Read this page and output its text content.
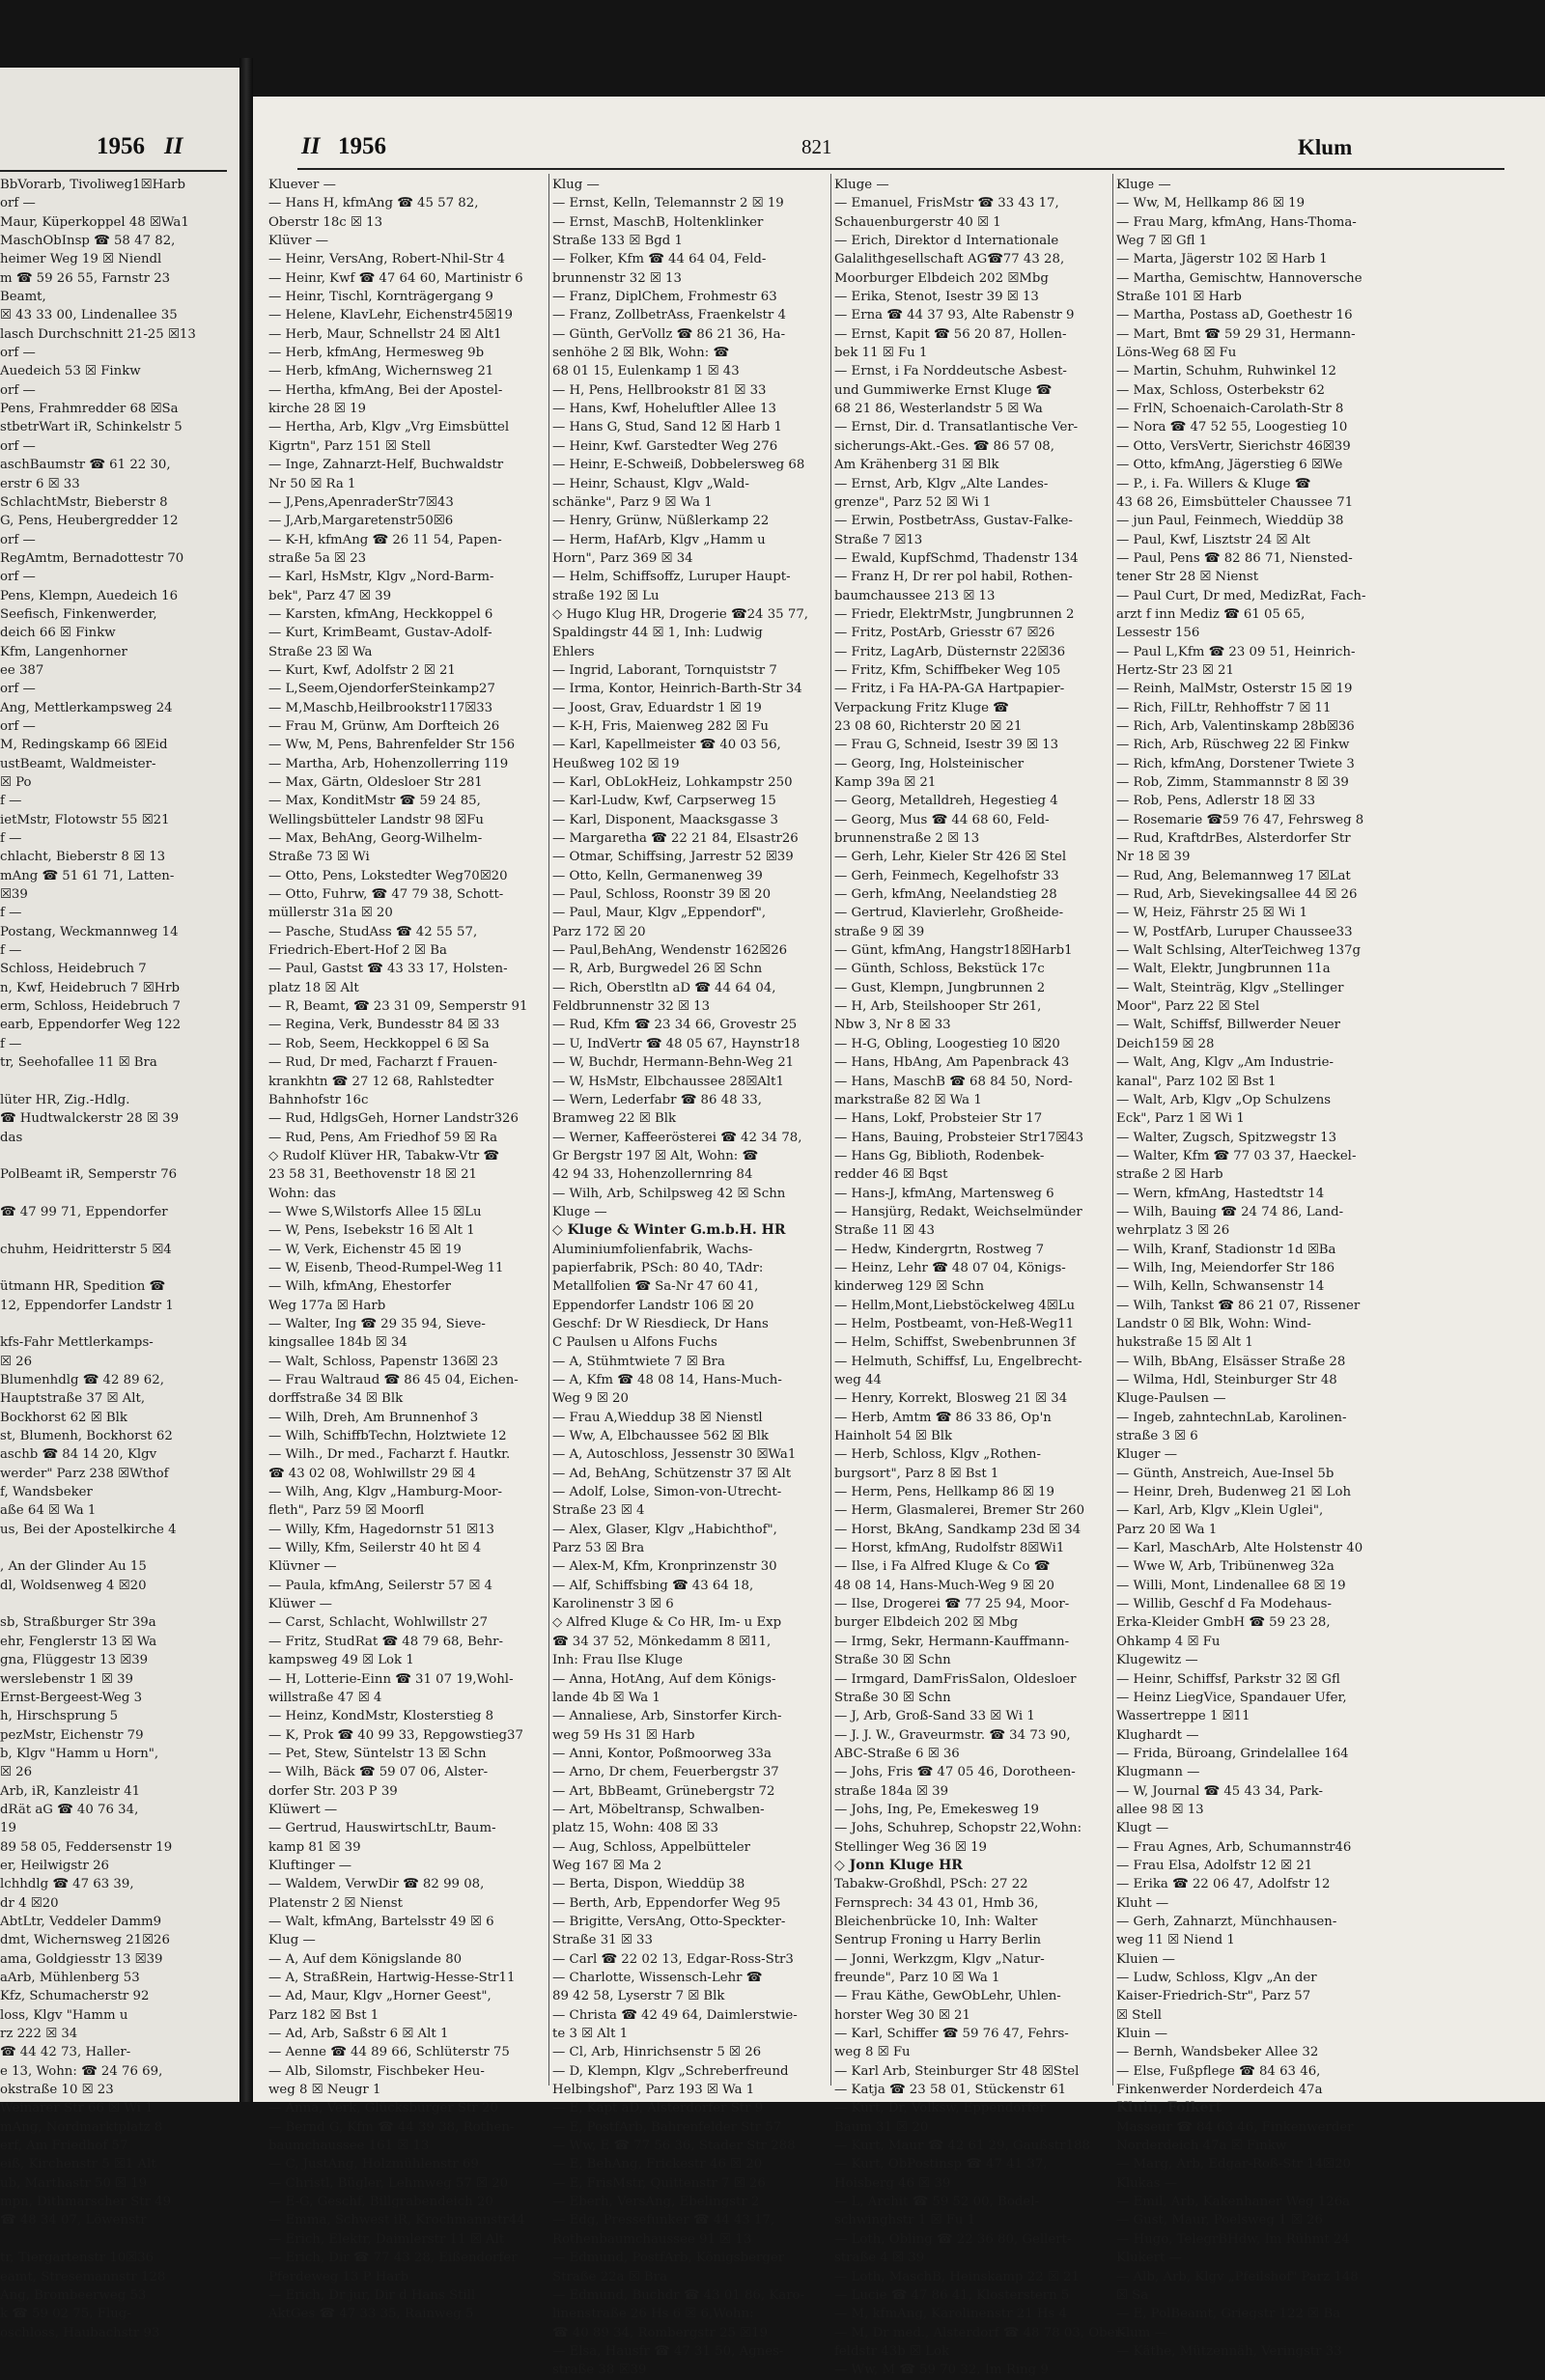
1956 II
BbVorarb, Tivoliweg1☒Harb
orf —
Maur, Küperkoppel 48 ☒Wa1
MaschObInsp ☎ 58 47 82,
heimer Weg 19 ☒ Niendl
m ☎ 59 26 55, Farnstr 23
Beamt,
☒ 43 33 00, Lindenallee 35
lasch Durchschnitt 21-25 ☒13
orf —
Auedeich 53 ☒ Finkw
orf —
Pens, Frahmredder 68 ☒Sa
stbetrWart iR, Schinkelstr 5
orf —
aschBaumstr ☎ 61 22 30,
erstr 6 ☒ 33
SchlachtMstr, Bieberstr 8
G, Pens, Heubergredder 12
orf —
RegAmtm, Bernadottestr 70
orf —
Pens, Klempn, Auedeich 16
Seefisch, Finkenwerder,
deich 66 ☒ Finkw
Kfm, Langenhorner
ee 387
orf —
Ang, Mettlerkampsweg 24
orf —
M, Redingskamp 66 ☒Eid
ustBeamt, Waldmeister-
☒ Po
f —
ietMstr, Flotowstr 55 ☒21
f —
chlacht, Bieberstr 8 ☒ 13
mAng ☎ 51 61 71, Latten-
☒39
f —
Postang, Weckmannweg 14
f —
Schloss, Heidebruch 7
n, Kwf, Heidebruch 7 ☒Hrb
erm, Schloss, Heidebruch 7
earb, Eppendorfer Weg 122
f —
tr, Seehofallee 11 ☒ Bra

lüter HR, Zig.-Hdlg.
☎ Hudtwalckerstr 28 ☒ 39
das

PolBeamt iR, Semperstr 76

☎ 47 99 71, Eppendorfer

chuhm, Heidritterstr 5 ☒4

ütmann HR, Spedition ☎
12, Eppendorfer Landstr 1

kfs-Fahr Mettlerkamps-
☒ 26
Blumenhdlg ☎ 42 89 62,
Hauptstraße 37 ☒ Alt,
Bockhorst 62 ☒ Blk
st, Blumenh, Bockhorst 62
aschb ☎ 84 14 20, Klgv
werder" Parz 238 ☒Wthof
f, Wandsbeker
aße 64 ☒ Wa 1
us, Bei der Apostelkirche 4

, An der Glinder Au 15
dl, Woldsenweg 4 ☒20

sb, Straßburger Str 39a
ehr, Fenglerstr 13 ☒ Wa
gna, Flüggestr 13 ☒39
werslebenstr 1 ☒ 39
Ernst-Bergeest-Weg 3
h, Hirschsprung 5
pezMstr, Eichenstr 79
b, Klgv "Hamm u Horn",
☒ 26
Arb, iR, Kanzleistr 41
dRät aG ☎ 40 76 34,
19
89 58 05, Feddersenstr 19
er, Heilwigstr 26
lchhdlg ☎ 47 63 39,
dr 4 ☒20
AbtLtr, Veddeler Damm9
dmt, Wichernsweg 21☒26
ama, Goldgiesstr 13 ☒39
aArb, Mühlenberg 53
Kfz, Schumacherstr 92
loss, Klgv "Hamm u
rz 222 ☒ 34
☎ 44 42 73, Haller-
e 13, Wohn: ☎ 24 76 69,
okstraße 10 ☒ 23
Weinarer Str 66 ☒ Wi 1
mAng, Nordmarktplatz 8
erf, Am Friedhof 57
eiß, Kirchenstr 5 ☒1 Alt
ub, Marthastr 50 ☒ 19
mpn, Dithmarscher Str 49
☎ 48 34 07, Löwenstr

tr, Tiergartenstr 10☒36
eamt, Stresemannstr 128
Ang, Brombeerweg 53
k ☎ 59 02 75, Flug-
oschloss, Haubachstr 93
II 1956	821	Klum
Kluever —
— Hans H, kfmAng ☎ 45 57 82,
Oberstr 18c ☒ 13
Klüver —
— Heinr, VersAng, Robert-Nhil-Str 4
— Heinr, Kwf ☎ 47 64 60, Martinistr 6
— Heinr, Tischl, Kornträgergang 9
— Helene, KlavLehr, Eichenstr45☒19
— Herb, Maur, Schnellstr 24 ☒ Alt1
— Herb, kfmAng, Hermesweg 9b
— Herb, kfmAng, Wichernsweg 21
— Hertha, kfmAng, Bei der Apostel-
kirche 28 ☒ 19
— Hertha, Arb, Klgv „Vrg Eimsbüttel
Kigrtn", Parz 151 ☒ Stell
— Inge, Zahnarzt-Helf, Buchwaldstr
Nr 50 ☒ Ra 1
— J,Pens,ApenraderStr7☒43
— J,Arb,Margaretenstr50☒6
— K-H, kfmAng ☎ 26 11 54, Papen-
straße 5a ☒ 23
— Karl, HsMstr, Klgv „Nord-Barm-
bek", Parz 47 ☒ 39
— Karsten, kfmAng, Heckkoppel 6
— Kurt, KrimBeamt, Gustav-Adolf-
Straße 23 ☒ Wa
— Kurt, Kwf, Adolfstr 2 ☒ 21
— L,Seem,OjendorferSteinkamp27
— M,Maschb,Heilbrookstr117☒33
— Frau M, Grünw, Am Dorfteich 26
— Ww, M, Pens, Bahrenfelder Str 156
— Martha, Arb, Hohenzollerring 119
— Max, Gärtn, Oldesloer Str 281
— Max, KonditMstr ☎ 59 24 85,
Wellingsbütteler Landstr 98 ☒Fu
— Max, BehAng, Georg-Wilhelm-
Straße 73 ☒ Wi
— Otto, Pens, Lokstedter Weg70☒20
— Otto, Fuhrw, ☎ 47 79 38, Schott-
müllerstr 31a ☒ 20
— Pasche, StudAss ☎ 42 55 57,
Friedrich-Ebert-Hof 2 ☒ Ba
— Paul, Gastst ☎ 43 33 17, Holsten-
platz 18 ☒ Alt
— R, Beamt, ☎ 23 31 09, Semperstr 91
— Regina, Verk, Bundesstr 84 ☒ 33
— Rob, Seem, Heckkoppel 6 ☒ Sa
— Rud, Dr med, Facharzt f Frauen-
krankhtn ☎ 27 12 68, Rahlstedter
Bahnhofstr 16c
— Rud, HdlgsGeh, Horner Landstr326
— Rud, Pens, Am Friedhof 59 ☒ Ra
◇ Rudolf Klüver HR, Tabakw-Vtr ☎
23 58 31, Beethovenstr 18 ☒ 21
Wohn: das
— Wwe S,Wilstorfs Allee 15 ☒Lu
— W, Pens, Isebekstr 16 ☒ Alt 1
— W, Verk, Eichenstr 45 ☒ 19
— W, Eisenb, Theod-Rumpel-Weg 11
— Wilh, kfmAng, Ehestorfer
Weg 177a ☒ Harb
— Walter, Ing ☎ 29 35 94, Sieve-
kingsallee 184b ☒ 34
— Walt, Schloss, Papenstr 136☒ 23
— Frau Waltraud ☎ 86 45 04, Eichen-
dorffstraße 34 ☒ Blk
— Wilh, Dreh, Am Brunnenhof 3
— Wilh, SchiffbTechn, Holztwiete 12
— Wilh., Dr med., Facharzt f. Hautkr.
☎ 43 02 08, Wohlwillstr 29 ☒ 4
— Wilh, Ang, Klgv „Hamburg-Moor-
fleth", Parz 59 ☒ Moorfl
— Willy, Kfm, Hagedornstr 51 ☒13
— Willy, Kfm, Seilerstr 40 ht ☒ 4
Klüvner —
— Paula, kfmAng, Seilerstr 57 ☒ 4
Klüwer —
— Carst, Schlacht, Wohlwillstr 27
— Fritz, StudRat ☎ 48 79 68, Behr-
kampsweg 49 ☒ Lok 1
— H, Lotterie-Einn ☎ 31 07 19,Wohl-
willstraße 47 ☒ 4
— Heinz, KondMstr, Klosterstieg 8
— K, Prok ☎ 40 99 33, Repgowstieg37
— Pet, Stew, Süntelstr 13 ☒ Schn
— Wilh, Bäck ☎ 59 07 06, Alster-
dorfer Str. 203 P 39
Klüwert —
— Gertrud, HauswirtschLtr, Baum-
kamp 81 ☒ 39
Kluftinger —
— Waldem, VerwDir ☎ 82 99 08,
Platenstr 2 ☒ Nienst
— Walt, kfmAng, Bartelsstr 49 ☒ 6
Klug —
— A, Auf dem Königslande 80
— A, StraßRein, Hartwig-Hesse-Str11
— Ad, Maur, Klgv „Horner Geest",
Parz 182 ☒ Bst 1
— Ad, Arb, Saßstr 6 ☒ Alt 1
— Aenne ☎ 44 89 66, Schlüterstr 75
— Alb, Silomstr, Fischbeker Heu-
weg 8 ☒ Neugr 1
— Anna, Verk, Glücksburger Str 20
— Bernd G, Kfm ☎ 44 39 38, Rothen-
baumchaussee 161 ☒ 13
— C, JustAng, Holzmühlenstr 69
— Christl, Bügler, Lehmweg 57 ☒ 20
— E-G, Geschf, Billgrabendeich 20
— Emma, Schwest iR, Krochmannstr44
— Erich, Elektr, Daimlerstr 11 ☒ Alt
— Erich, Dir ☎ 77 43 28, Eißendorfer
Pferdeweg 13 P Harb
— Erich, Dr jur, Dir d Hans Still
AktGes ☎ 47 33 35, Rainweg 5
Klug —
— Ernst, Kelln, Telemannstr 2 ☒ 19
— Ernst, MaschB, Holtenklinker
Straße 133 ☒ Bgd 1
— Folker, Kfm ☎ 44 64 04, Feld-
brunnenstr 32 ☒ 13
— Franz, DiplChem, Frohmestr 63
— Franz, ZollbetrAss, Fraenkelstr 4
— Günth, GerVollz ☎ 86 21 36, Ha-
senhöhe 2 ☒ Blk, Wohn: ☎
68 01 15, Eulenkamp 1 ☒ 43
— H, Pens, Hellbrookstr 81 ☒ 33
— Hans, Kwf, Hoheluftler Allee 13
— Hans G, Stud, Sand 12 ☒ Harb 1
— Heinr, Kwf. Garstedter Weg 276
— Heinr, E-Schweiß, Dobbelersweg 68
— Heinr, Schaust, Klgv „Wald-
schänke", Parz 9 ☒ Wa 1
— Henry, Grünw, Nüßlerkamp 22
— Herm, HafArb, Klgv „Hamm u
Horn", Parz 369 ☒ 34
— Helm, Schiffsoffz, Luruper Haupt-
straße 192 ☒ Lu
◇ Hugo Klug HR, Drogerie ☎24 35 77,
Spaldingstr 44 ☒ 1, Inh: Ludwig
Ehlers
— Ingrid, Laborant, Tornquiststr 7
— Irma, Kontor, Heinrich-Barth-Str 34
— Joost, Grav, Eduardstr 1 ☒ 19
— K-H, Fris, Maienweg 282 ☒ Fu
— Karl, Kapellmeister ☎ 40 03 56,
Heußweg 102 ☒ 19
— Karl, ObLokHeiz, Lohkampstr 250
— Karl-Ludw, Kwf, Carpserweg 15
— Karl, Disponent, Maacksgasse 3
— Margaretha ☎ 22 21 84, Elsastr26
— Otmar, Schiffsing, Jarrestr 52 ☒39
— Otto, Kelln, Germanenweg 39
— Paul, Schloss, Roonstr 39 ☒ 20
— Paul, Maur, Klgv „Eppendorf",
Parz 172 ☒ 20
— Paul,BehAng, Wendenstr 162☒26
— R, Arb, Burgwedel 26 ☒ Schn
— Rich, Oberstltn aD ☎ 44 64 04,
Feldbrunnenstr 32 ☒ 13
— Rud, Kfm ☎ 23 34 66, Grovestr 25
— U, IndVertr ☎ 48 05 67, Haynstr18
— W, Buchdr, Hermann-Behn-Weg 21
— W, HsMstr, Elbchaussee 28☒Alt1
— Wern, Lederfabr ☎ 86 48 33,
Bramweg 22 ☒ Blk
— Werner, Kaffeerösterei ☎ 42 34 78,
Gr Bergstr 197 ☒ Alt, Wohn: ☎
42 94 33, Hohenzollernring 84
— Wilh, Arb, Schilpsweg 42 ☒ Schn
Kluge —
◇ Kluge & Winter G.m.b.H. HR
Aluminiumfolienfabrik, Wachs-
papierfabrik, PSch: 80 40, TAdr:
Metallfolien ☎ Sa-Nr 47 60 41,
Eppendorfer Landstr 106 ☒ 20
Geschf: Dr W Riesdieck, Dr Hans
C Paulsen u Alfons Fuchs
— A, Stühmtwiete 7 ☒ Bra
— A, Kfm ☎ 48 08 14, Hans-Much-
Weg 9 ☒ 20
— Frau A,Wieddup 38 ☒ Nienstl
— Ww, A, Elbchaussee 562 ☒ Blk
— A, Autoschloss, Jessenstr 30 ☒Wa1
— Ad, BehAng, Schützenstr 37 ☒ Alt
— Adolf, Lolse, Simon-von-Utrecht-
Straße 23 ☒ 4
— Alex, Glaser, Klgv „Habichthof",
Parz 53 ☒ Bra
— Alex-M, Kfm, Kronprinzenstr 30
— Alf, Schiffsbing ☎ 43 64 18,
Karolinenstr 3 ☒ 6
◇ Alfred Kluge & Co HR, Im- u Exp
☎ 34 37 52, Mönkedamm 8 ☒11,
Inh: Frau Ilse Kluge
— Anna, HotAng, Auf dem Königs-
lande 4b ☒ Wa 1
— Annaliese, Arb, Sinstorfer Kirch-
weg 59 Hs 31 ☒ Harb
— Anni, Kontor, Poßmoorweg 33a
— Arno, Dr chem, Feuerbergstr 37
— Art, BbBeamt, Grünebergstr 72
— Art, Möbeltransp, Schwalben-
platz 15, Wohn: 408 ☒ 33
— Aug, Schloss, Appelbütteler
Weg 167 ☒ Ma 2
— Berta, Dispon, Wieddüp 38
— Berth, Arb, Eppendorfer Weg 95
— Brigitte, VersAng, Otto-Speckter-
Straße 31 ☒ 33
— Carl ☎ 22 02 13, Edgar-Ross-Str3
— Charlotte, Wissensch-Lehr ☎
89 42 58, Lyserstr 7 ☒ Blk
— Christa ☎ 42 49 64, Daimlerstwie-
te 3 ☒ Alt 1
— Cl, Arb, Hinrichsenstr 5 ☒ 26
— D, Klempn, Klgv „Schreberfreund
Helbingshof", Parz 193 ☒ Wa 1
— E, Kapt aD, Alsterdorfer Str 9
— E, PostfArb, Bahrenfelder Str 57
— Ww, E ☎ 77 56 36, Stader Str 288
— E, BehAng, Frickestr 46 ☒ 20
— E, FrisMstr, Quittenstr 7 ☒ 26
— Eberh, VersAng, Ebelingstr 2
— Edg, Pressefunker ☎ 44 43 17,
Rothenbaumchaussee 91 ☒ 13
— Edmund, PostfArb, Königsberger
Straße 22a ☒ Bra
— Edmund, Buchdr ☎ 43 01 86, Karo-
linenstraße 26 Hs 6 ☒ 6,Wohn:
☎ 40 89 34, Rombergstr 25 ☒19
— Elsa, Hausfr ☎ 47 31 50, Agnes-
straße 38 ☒39
Kluge —
— Emanuel, FrisMstr ☎ 33 43 17,
Schauenburgerstr 40 ☒ 1
— Erich, Direktor d Internationale
Galalithgesellschaft AG☎77 43 28,
Moorburger Elbdeich 202 ☒Mbg
— Erika, Stenot, Isestr 39 ☒ 13
— Erna ☎ 44 37 93, Alte Rabenstr 9
— Ernst, Kapit ☎ 56 20 87, Hollen-
bek 11 ☒ Fu 1
— Ernst, i Fa Norddeutsche Asbest-
und Gummiwerke Ernst Kluge ☎
68 21 86, Westerlandstr 5 ☒ Wa
— Ernst, Dir. d. Transatlantische Ver-
sicherungs-Akt.-Ges. ☎ 86 57 08,
Am Krähenberg 31 ☒ Blk
— Ernst, Arb, Klgv „Alte Landes-
grenze", Parz 52 ☒ Wi 1
— Erwin, PostbetrAss, Gustav-Falke-
Straße 7 ☒13
— Ewald, KupfSchmd, Thadenstr 134
— Franz H, Dr rer pol habil, Rothen-
baumchaussee 213 ☒ 13
— Friedr, ElektrMstr, Jungbrunnen 2
— Fritz, PostArb, Griesstr 67 ☒26
— Fritz, LagArb, Düsternstr 22☒36
— Fritz, Kfm, Schiffbeker Weg 105
— Fritz, i Fa HA-PA-GA Hartpapier-
Verpackung Fritz Kluge ☎
23 08 60, Richterstr 20 ☒ 21
— Frau G, Schneid, Isestr 39 ☒ 13
— Georg, Ing, Holsteinischer
Kamp 39a ☒ 21
— Georg, Metalldreh, Hegestieg 4
— Georg, Mus ☎ 44 68 60, Feld-
brunnenstraße 2 ☒ 13
— Gerh, Lehr, Kieler Str 426 ☒ Stel
— Gerh, Feinmech, Kegelhofstr 33
— Gerh, kfmAng, Neelandstieg 28
— Gertrud, Klavierlehr, Großheide-
straße 9 ☒ 39
— Günt, kfmAng, Hangstr18☒Harb1
— Günth, Schloss, Bekstück 17c
— Gust, Klempn, Jungbrunnen 2
— H, Arb, Steilshooper Str 261,
Nbw 3, Nr 8 ☒ 33
— H-G, Obling, Loogestieg 10 ☒20
— Hans, HbAng, Am Papenbrack 43
— Hans, MaschB ☎ 68 84 50, Nord-
markstraße 82 ☒ Wa 1
— Hans, Lokf, Probsteier Str 17
— Hans, Bauing, Probsteier Str17☒43
— Hans Gg, Biblioth, Rodenbek-
redder 46 ☒ Bqst
— Hans-J, kfmAng, Martensweg 6
— Hansjürg, Redakt, Weichselmünder
Straße 11 ☒ 43
— Hedw, Kindergrtn, Rostweg 7
— Heinz, Lehr ☎ 48 07 04, Königs-
kinderweg 129 ☒ Schn
— Hellm,Mont,Liebstöckelweg 4☒Lu
— Helm, Postbeamt, von-Heß-Weg11
— Helm, Schiffst, Swebenbrunnen 3f
— Helmuth, Schiffsf, Lu, Engelbrecht-
weg 44
— Henry, Korrekt, Blosweg 21 ☒ 34
— Herb, Amtm ☎ 86 33 86, Op'n
Hainholt 54 ☒ Blk
— Herb, Schloss, Klgv „Rothen-
burgsort", Parz 8 ☒ Bst 1
— Herm, Pens, Hellkamp 86 ☒ 19
— Herm, Glasmalerei, Bremer Str 260
— Horst, BkAng, Sandkamp 23d ☒ 34
— Horst, kfmAng, Rudolfstr 8☒Wi1
— Ilse, i Fa Alfred Kluge & Co ☎
48 08 14, Hans-Much-Weg 9 ☒ 20
— Ilse, Drogerei ☎ 77 25 94, Moor-
burger Elbdeich 202 ☒ Mbg
— Irmg, Sekr, Hermann-Kauffmann-
Straße 30 ☒ Schn
— Irmgard, DamFrisSalon, Oldesloer
Straße 30 ☒ Schn
— J, Arb, Groß-Sand 33 ☒ Wi 1
— J. J. W., Graveurmstr. ☎ 34 73 90,
ABC-Straße 6 ☒ 36
— Johs, Fris ☎ 47 05 46, Dorotheen-
straße 184a ☒ 39
— Johs, Ing, Pe, Emekesweg 19
— Johs, Schuhrep, Schopstr 22,Wohn:
Stellinger Weg 36 ☒ 19
◇ Jonn Kluge HR
Tabakw-Großhdl, PSch: 27 22
Fernsprech: 34 43 01, Hmb 36,
Bleichenbrücke 10, Inh: Walter
Sentrup Froning u Harry Berlin
— Jonni, Werkzgm, Klgv „Natur-
freunde", Parz 10 ☒ Wa 1
— Frau Käthe, GewObLehr, Uhlen-
horster Weg 30 ☒ 21
— Karl, Schiffer ☎ 59 76 47, Fehrs-
weg 8 ☒ Fu
— Karl Arb, Steinburger Str 48 ☒Stel
— Katja ☎ 23 58 01, Stückenstr 61
— Kurt, Dr, Volksw, Eppendorfer
Baum 31 ☒ 20
— Kurt, Maur ☎ 42 61 29, Gaußstr188
— Kurt, ObPostinsp ☎ 47 41 37,
Hoisberg 46 ☒ 39
— L, Archit ☎ 59 52 00, Bodel-
schwinghstr 1 ☒ Fu 1
— Loth, Obling ☎ 22 36 80, Gellert-
straße 4 ☒ 39
— Loth, MaschB, Heinskamp 22 ☒ 21
— Lucie ☎ 47 86 41, Klosterstern 5
— M, kfmAng, Karolinenstr 21 Hs 4
— M, Dr med., Alsterdorf ☎ 48 78 03, Ober-
feldstr 43b ☒ Lok
— Ww, M ☎ 59 70 32, Im Ring 9
Kluge —
— Ww, M, Hellkamp 86 ☒ 19
— Frau Marg, kfmAng, Hans-Thoma-
Weg 7 ☒ Gfl 1
— Marta, Jägerstr 102 ☒ Harb 1
— Martha, Gemischtw, Hannoversche
Straße 101 ☒ Harb
— Martha, Postass aD, Goethestr 16
— Mart, Bmt ☎ 59 29 31, Hermann-
Löns-Weg 68 ☒ Fu
— Martin, Schuhm, Ruhwinkel 12
— Max, Schloss, Osterbekstr 62
— FrlN, Schoenaich-Carolath-Str 8
— Nora ☎ 47 52 55, Loogestieg 10
— Otto, VersVertr, Sierichstr 46☒39
— Otto, kfmAng, Jägerstieg 6 ☒We
— P., i. Fa. Willers & Kluge ☎
43 68 26, Eimsbütteler Chaussee 71
— jun Paul, Feinmech, Wieddüp 38
— Paul, Kwf, Lisztstr 24 ☒ Alt
— Paul, Pens ☎ 82 86 71, Niensted-
tener Str 28 ☒ Nienst
— Paul Curt, Dr med, MedizRat, Fach-
arzt f inn Mediz ☎ 61 05 65,
Lessestr 156
— Paul L,Kfm ☎ 23 09 51, Heinrich-
Hertz-Str 23 ☒ 21
— Reinh, MalMstr, Osterstr 15 ☒ 19
— Rich, FilLtr, Rehhoffstr 7 ☒ 11
— Rich, Arb, Valentinskamp 28b☒36
— Rich, Arb, Rüschweg 22 ☒ Finkw
— Rich, kfmAng, Dorstener Twiete 3
— Rob, Zimm, Stammannstr 8 ☒ 39
— Rob, Pens, Adlerstr 18 ☒ 33
— Rosemarie ☎59 76 47, Fehrsweg 8
— Rud, KraftdrBes, Alsterdorfer Str
Nr 18 ☒ 39
— Rud, Ang, Belemannweg 17 ☒Lat
— Rud, Arb, Sievekingsallee 44 ☒ 26
— W, Heiz, Fährstr 25 ☒ Wi 1
— W, PostfArb, Luruper Chaussee33
— Walt Schlsing, AlterTeichweg 137g
— Walt, Elektr, Jungbrunnen 11a
— Walt, Steinträg, Klgv „Stellinger
Moor", Parz 22 ☒ Stel
— Walt, Schiffsf, Billwerder Neuer
Deich159 ☒ 28
— Walt, Ang, Klgv „Am Industrie-
kanal", Parz 102 ☒ Bst 1
— Walt, Arb, Klgv „Op Schulzens
Eck", Parz 1 ☒ Wi 1
— Walter, Zugsch, Spitzwegstr 13
— Walter, Kfm ☎ 77 03 37, Haeckel-
straße 2 ☒ Harb
— Wern, kfmAng, Hastedtstr 14
— Wilh, Bauing ☎ 24 74 86, Land-
wehrplatz 3 ☒ 26
— Wilh, Kranf, Stadionstr 1d ☒Ba
— Wilh, Ing, Meiendorfer Str 186
— Wilh, Kelln, Schwansenstr 14
— Wilh, Tankst ☎ 86 21 07, Rissener
Landstr 0 ☒ Blk, Wohn: Wind-
hukstraße 15 ☒ Alt 1
— Wilh, BbAng, Elsässer Straße 28
— Wilma, Hdl, Steinburger Str 48
Kluge-Paulsen —
— Ingeb, zahntechnLab, Karolinen-
straße 3 ☒ 6
Kluger —
— Günth, Anstreich, Aue-Insel 5b
— Heinr, Dreh, Budenweg 21 ☒ Loh
— Karl, Arb, Klgv „Klein Uglei",
Parz 20 ☒ Wa 1
— Karl, MaschArb, Alte Holstenstr 40
— Wwe W, Arb, Tribünenweg 32a
— Willi, Mont, Lindenallee 68 ☒ 19
— Willib, Geschf d Fa Modehaus-
Erka-Kleider GmbH ☎ 59 23 28,
Ohkamp 4 ☒ Fu
Klugewitz —
— Heinr, Schiffsf, Parkstr 32 ☒ Gfl
— Heinz LiegVice, Spandauer Ufer,
Wassertreppe 1 ☒11
Klughardt —
— Frida, Büroang, Grindelallee 164
Klugmann —
— W, Journal ☎ 45 43 34, Park-
allee 98 ☒ 13
Klugt —
— Frau Agnes, Arb, Schumannstr46
— Frau Elsa, Adolfstr 12 ☒ 21
— Erika ☎ 22 06 47, Adolfstr 12
Kluht —
— Gerh, Zahnarzt, Münchhausen-
weg 11 ☒ Niend 1
Kluien —
— Ludw, Schloss, Klgv „An der
Kaiser-Friedrich-Str", Parz 57
☒ Stell
Kluin —
— Bernh, Wandsbeker Allee 32
— Else, Fußpflege ☎ 84 63 46,
Finkenwerder Norderdeich 47a
Kluin, Folkert
Masseur ☎ 84 63 46, Finkenwerder
Norderdeich 47a ☒ Finkw
— Marg, Arb, Edgar-Roß-Str 14☒20
Klukas —
— Emil, Arb, Kakenhaner Weg 126a
— Gust, Maur, Poelsweg 1 ☒ 26
— Hugo, TelegrBHdw, Im Rühmt 24
Klukert —
— Alb, Arb, Klgv „Pfeilshof" Parz 148
☒ Sa
— E, PolBeamt, Griegstr 122 ☒ Ba
Klum —
— Käthe, Mützennäh, Veringstr 33
